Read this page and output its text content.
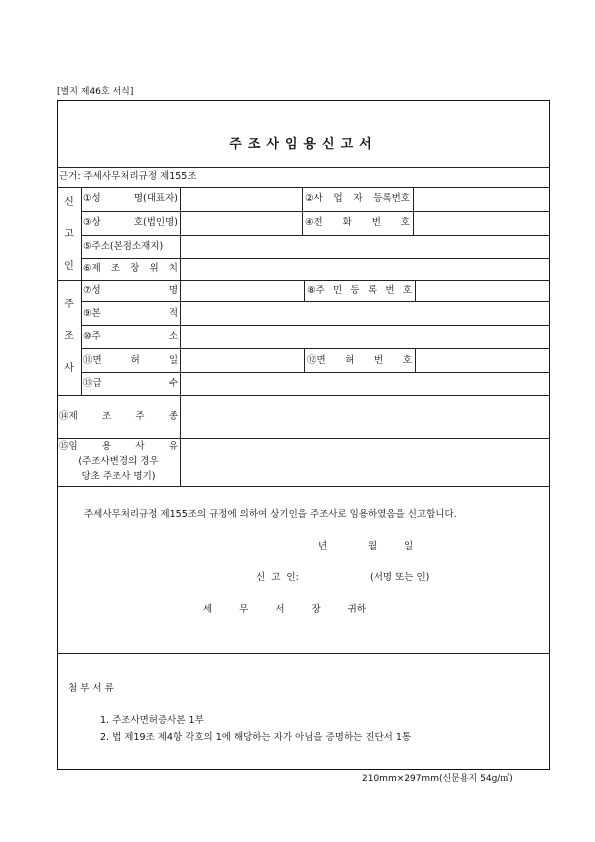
[별지 제46호 서식]
주조사임용신고서
근거: 주세사무처리규정 제155조
신
고
인
①성	명(대표자)	②사 업 자 등록번호
③상	호(법인명)	④전 화 번 호
⑤주소(본점소재지)
⑥제 조 장 위 치
주
조
사
⑦성	명	⑧주 민 등 록 번 호
⑨본	적
⑩주	소
⑪면	허	일	⑫면 허 번 호
⑬급	수
⑭제	조	주	종
⑮임	용	사	유
(주조사변경의 경우
당초 주조사 명기)
주세사무처리규정 제155조의 규정에 의하여 상기인을 주조사로 임용하였음을 신고합니다.
년	월	일
신  고  인:	(서명 또는 인)
세	무	서	장	귀하
첨 부 서 류
1. 주조사면허증사본 1부
2. 법 제19조 제4항 각호의 1에 해당하는 자가 아님을 증명하는 진단서 1통
210mm×297mm(신문용지 54g/㎡)
